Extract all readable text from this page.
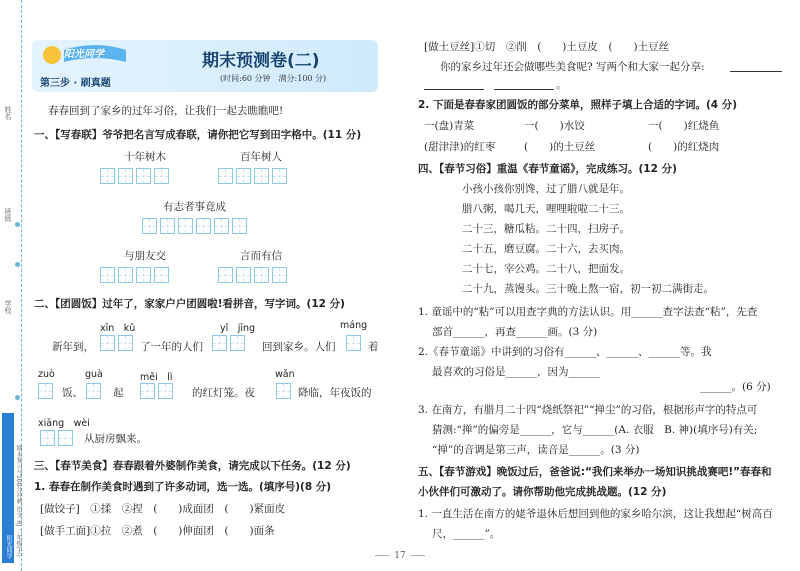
姓名
班级
学校
阳光同学 期末复习与100分冲刺 语文 RJ 二年级(上)
阳光同学
第三步 · 刷真题
期末预测卷(二)
(时间:60 分钟　满分:100 分)
春春回到了家乡的过年习俗，让我们一起去瞧瞧吧!
一、【写春联】爷爷把名言写成春联，请你把它写到田字格中。(11 分)
十年树木	百年树人
有志者事竟成
与朋友交	言而有信
二、【团圆饭】过年了，家家户户团圆啦!看拼音，写字词。(12 分)
xīn　kǔ	yǐ　jīng	máng
新年到，	了一年的人们	回到家乡。人们	着
zuò	guà	měi　lì	wǎn
饭、	起	的红灯笼。夜	降临，年夜饭的
xiāng　wèi
从厨房飘来。
三、【春节美食】春春跟着外婆制作美食，请完成以下任务。(12 分)
1. 春春在制作美食时遇到了许多动词，选一选。(填序号)(8 分)
[做饺子]　①揉　②捏　(　　)成面团　(　　)紧面皮
[做手工面]①拉　②煮　(　　)伸面团　(　　)面条
[做土豆丝]①切　②削　(　　)土豆皮　(　　)土豆丝
你的家乡过年还会做哪些美食呢? 写两个和大家一起分享:
。
2. 下面是春春家团圆饭的部分菜单，照样子填上合适的字词。(4 分)
一(盘)青菜	一(　　)水饺	一(　　)红烧鱼
(甜津津)的红枣	(　　)的土豆丝	(　　)的红烧肉
四、【春节习俗】重温《春节童谣》，完成练习。(12 分)
小孩小孩你别馋，过了腊八就是年。
腊八粥，喝几天，哩哩啦啦二十三。
二十三，糖瓜粘。二十四，扫房子。
二十五，磨豆腐。二十六，去买肉。
二十七，宰公鸡。二十八，把面发。
二十九，蒸馒头。三十晚上熬一宿，初一初二满街走。
1. 童谣中的“粘”可以用查字典的方法认识。用______查字法查“粘”，先查
部首______，再查______画。(3 分)
2.《春节童谣》中讲到的习俗有______、______、______等。我
最喜欢的习俗是______，因为______
______。(6 分)
3. 在南方，有腊月二十四“烧纸祭祀”“掸尘”的习俗，根据形声字的特点可
猜测:“掸”的偏旁是______，它与______(A. 衣服　B. 神)(填序号)有关;
“掸”的音调是第三声，读音是______。(3 分)
五、【春节游戏】晚饭过后，爸爸说:“我们来举办一场知识挑战赛吧!”春春和
小伙伴们可激动了。请你帮助他完成挑战题。(12 分)
1. 一直生活在南方的姥爷退休后想回到他的家乡哈尔滨，这让我想起“树高百
尺，______”。
17
